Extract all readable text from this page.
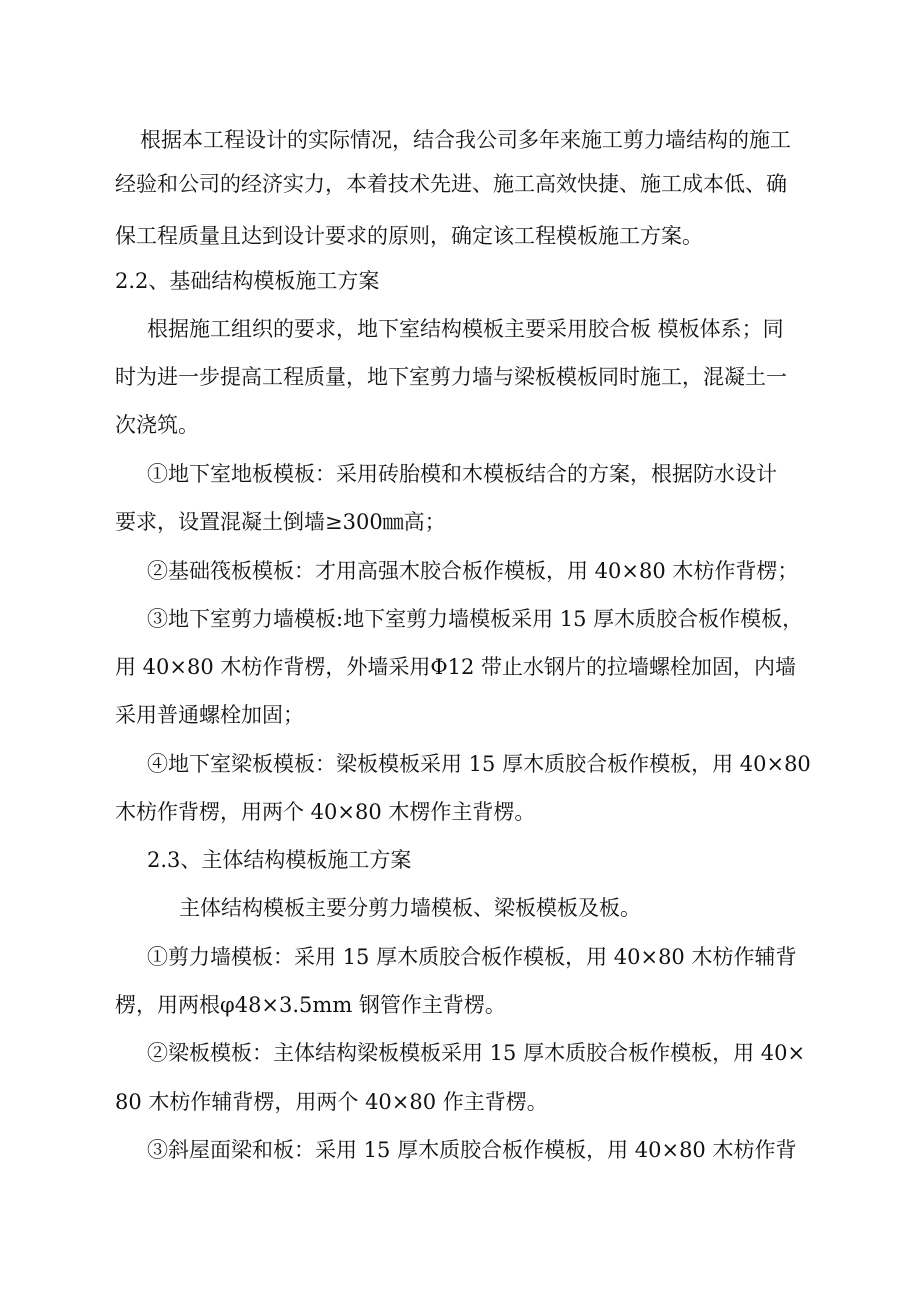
根据本工程设计的实际情况，结合我公司多年来施工剪力墙结构的施工
经验和公司的经济实力，本着技术先进、施工高效快捷、施工成本低、确
保工程质量且达到设计要求的原则，确定该工程模板施工方案。
2.2、基础结构模板施工方案
根据施工组织的要求，地下室结构模板主要采用胶合板 模板体系；同
时为进一步提高工程质量，地下室剪力墙与梁板模板同时施工，混凝土一
次浇筑。
①地下室地板模板：采用砖胎模和木模板结合的方案，根据防水设计
要求，设置混凝土倒墙≥300㎜高；
②基础筏板模板：才用高强木胶合板作模板，用 40×80 木枋作背楞；
③地下室剪力墙模板:地下室剪力墙模板采用 15 厚木质胶合板作模板，
用 40×80 木枋作背楞，外墙采用Φ12 带止水钢片的拉墙螺栓加固，内墙
采用普通螺栓加固；
④地下室梁板模板：梁板模板采用 15 厚木质胶合板作模板，用 40×80
木枋作背楞，用两个 40×80 木楞作主背楞。
2.3、主体结构模板施工方案
主体结构模板主要分剪力墙模板、梁板模板及板。
①剪力墙模板：采用 15 厚木质胶合板作模板，用 40×80 木枋作辅背
楞，用两根φ48×3.5mm 钢管作主背楞。
②梁板模板：主体结构梁板模板采用 15 厚木质胶合板作模板，用 40×
80 木枋作辅背楞，用两个 40×80 作主背楞。
③斜屋面梁和板：采用 15 厚木质胶合板作模板，用 40×80 木枋作背
